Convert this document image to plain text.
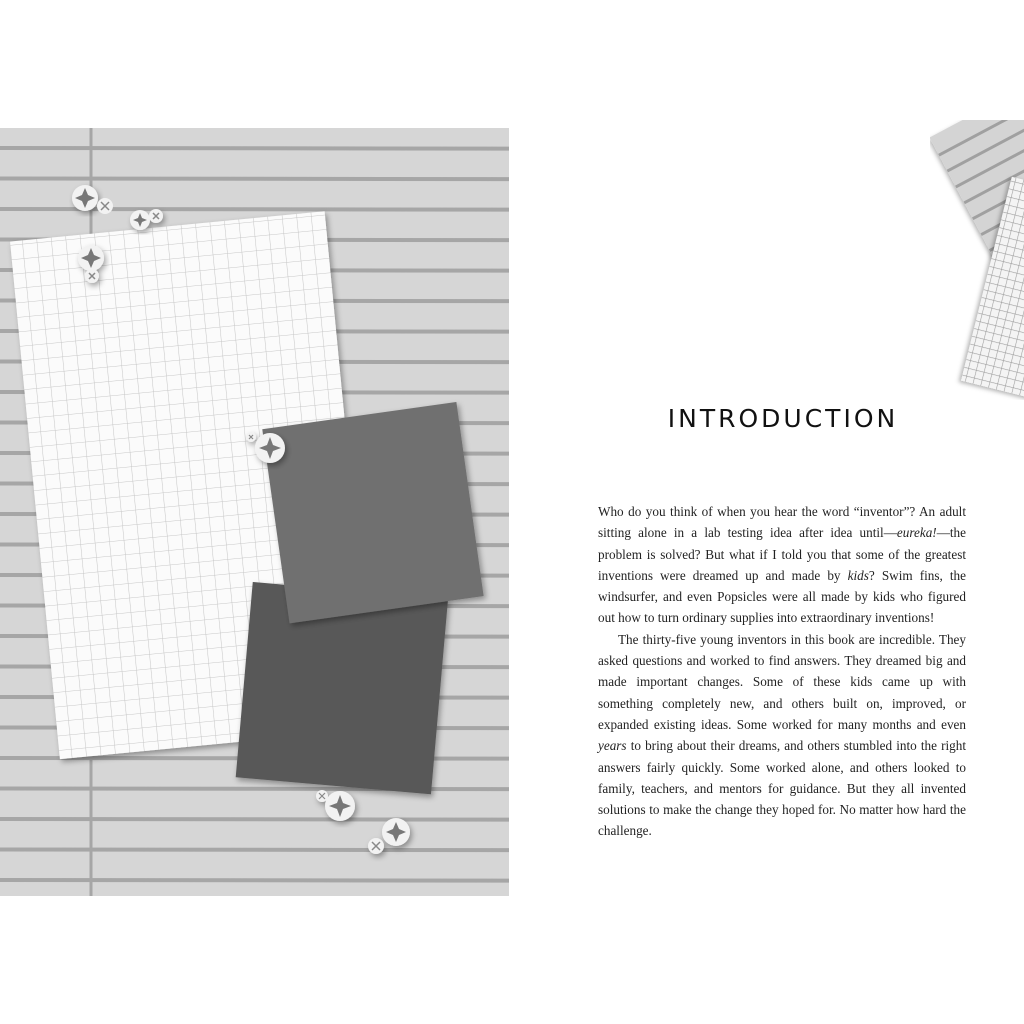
INTRODUCTION

Who do you think of when you hear the word “inventor”? An adult sitting alone in a lab testing idea after idea until—eureka!—the problem is solved? But what if I told you that some of the greatest inventions were dreamed up and made by kids? Swim fins, the windsurfer, and even Popsicles were all made by kids who figured out how to turn ordinary supplies into extraordinary inventions!

The thirty-five young inventors in this book are incredible. They asked questions and worked to find answers. They dreamed big and made important changes. Some of these kids came up with something completely new, and others built on, improved, or expanded existing ideas. Some worked for many months and even years to bring about their dreams, and others stumbled into the right answers fairly quickly. Some worked alone, and others looked to family, teachers, and mentors for guidance. But they all invented solutions to make the change they hoped for. No matter how hard the challenge.
